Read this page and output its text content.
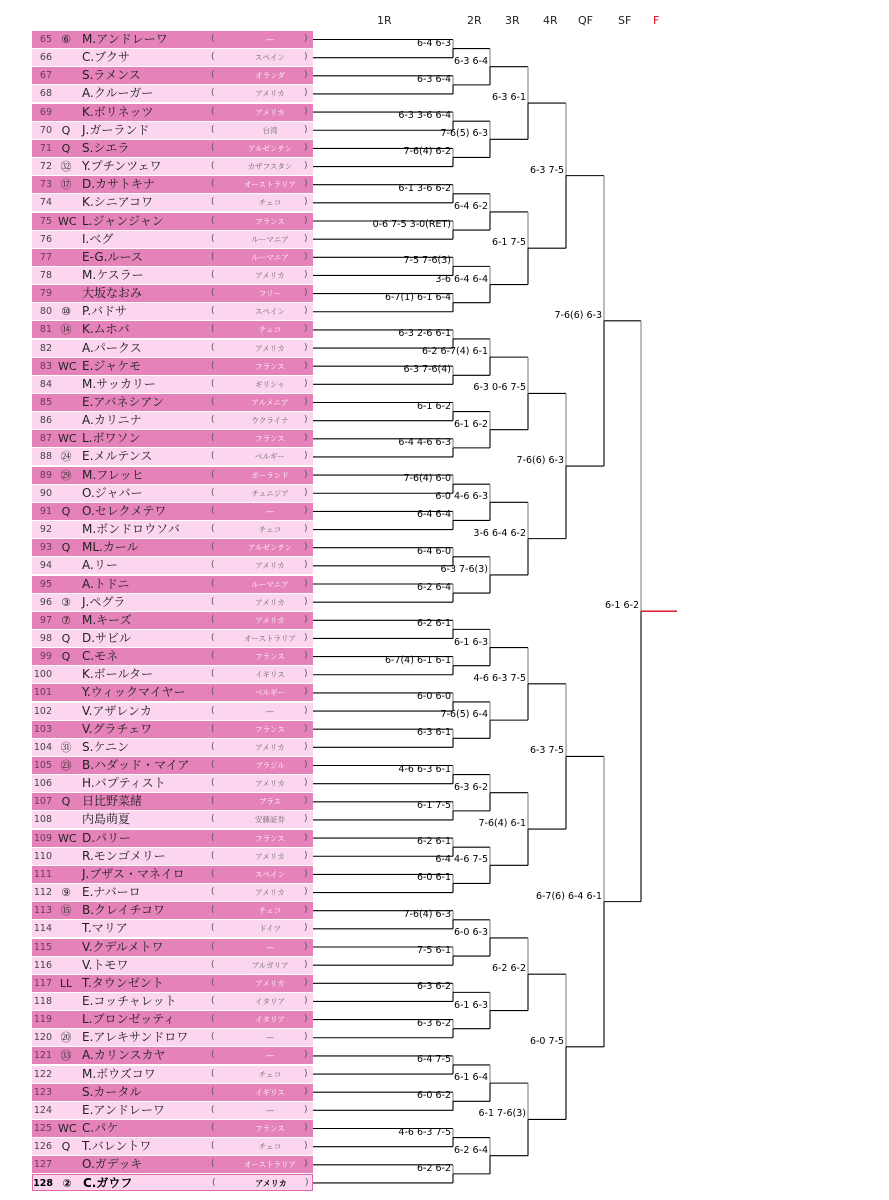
1R	2R 3R 4R QF SF F
65 ⑥ M.アンドレーワ	(	―	)
66	C.ブクサ	(	スペイン	)
67	S.ラメンス	(	オランダ	)
68	A.クルーガー	(	アメリカ	)
69	K.ボリネッツ	(	アメリカ	)
70 Q J.ガーランド	(	台湾	)
71 Q S.シエラ	(	アルゼンチン	)
72 ㉜ Y.プチンツェワ	(	カザフスタン	)
73 ⑰ D.カサトキナ	(	オーストラリア )
74	K.シニアコワ	(	チェコ	)
75 WC L.ジャンジャン	(	フランス	)
76	I.ベグ	(	ルーマニア	)
77	E-G.ルース	(	ルーマニア	)
78	M.ケスラー	(	アメリカ	)
79	大坂なおみ	(	フリー	)
80 ⑩ P.バドサ	(	スペイン	)
81 ⑭ K.ムホバ	(	チェコ	)
82	A.パークス	(	アメリカ	)
83 WC E.ジャケモ	(	フランス	)
84	M.サッカリー	(	ギリシャ	)
85	E.アバネシアン	(	アルメニア	)
86	A.カリニナ	(	ウクライナ	)
87 WC L.ボワソン	(	フランス	)
88 ㉔ E.メルテンス	(	ベルギー	)
89 ㉙ M.フレッヒ	(	ポーランド	)
90	O.ジャバー	(	チュニジア	)
91 Q O.セレクメテワ	(	―	)
92	M.ボンドロウソバ	(	チェコ	)
93 Q ML.カール	(	アルゼンチン	)
94	A.リー	(	アメリカ	)
95	A.トドニ	(	ルーマニア	)
96 ③ J.ペグラ	(	アメリカ	)
97 ⑦ M.キーズ	(	アメリカ	)
98 Q D.サビル	(	オーストラリア )
99 Q C.モネ	(	フランス	)
100	K.ボールター	(	イギリス	)
101	Y.ウィックマイヤー	(	ベルギー	)
102	V.アザレンカ	(	―	)
103	V.グラチェワ	(	フランス	)
104 ㉛ S.ケニン	(	アメリカ	)
105 ㉓ B.ハダッド・マイア (	ブラジル	)
106	H.バプティスト	(	アメリカ	)
107 Q 日比野菜緒	(	ブラス	)
108	内島萌夏	(	安藤証券	)
109 WC D.パリー	(	フランス	)
110	R.モンゴメリー	(	アメリカ	)
111	J.ブザス・マネイロ	(	スペイン	)
112 ⑨ E.ナバーロ	(	アメリカ	)
113 ⑮ B.クレイチコワ	(	チェコ	)
114	T.マリア	(	ドイツ	)
115	V.クデルメトワ	(	―	)
116	V.トモワ	(	ブルガリア	)
117 LL T.タウンゼント	(	アメリカ	)
118	E.コッチャレット	(	イタリア	)
119	L.ブロンゼッティ	(	イタリア	)
120 ⑳ E.アレキサンドロワ	(	―	)
121 ㉝ A.カリンスカヤ	(	―	)
122	M.ボウズコワ	(	チェコ	)
123	S.カータル	(	イギリス	)
124	E.アンドレーワ	(	―	)
125 WC C.パケ	(	フランス	)
126 Q T.バレントワ	(	チェコ	)
127	O.ガデッキ	(	オーストラリア )
128 ② C.ガウフ	(	アメリカ	)
6-4 6-3
6-3 6-4
6-3 3-6 6-4
7-6(4) 6-2
6-1 3-6 6-2
0-6 7-5 3-0(RET)
7-5 7-6(3)
6-7(1) 6-1 6-4
6-3 2-6 6-1
6-3 7-6(4)
6-1 6-2
6-4 4-6 6-3
7-6(4) 6-0
6-4 6-4
6-4 6-0
6-2 6-4
6-2 6-1
6-7(4) 6-1 6-1
6-0 6-0
6-3 6-1
4-6 6-3 6-1
6-1 7-5
6-2 6-1
6-0 6-1
7-6(4) 6-3
7-5 6-1
6-3 6-2
6-3 6-2
6-4 7-5
6-0 6-2
4-6 6-3 7-5
6-2 6-2
6-3 6-4
7-6(5) 6-3
6-4 6-2
3-6 6-4 6-4
6-2 6-7(4) 6-1
6-1 6-2
6-0 4-6 6-3
6-3 7-6(3)
6-1 6-3
7-6(5) 6-4
6-3 6-2
6-4 4-6 7-5
6-0 6-3
6-1 6-3
6-1 6-4
6-2 6-4
6-3 6-1
6-1 7-5
6-3 0-6 7-5
3-6 6-4 6-2
4-6 6-3 7-5
7-6(4) 6-1
6-2 6-2
6-1 7-6(3)
6-3 7-5
7-6(6) 6-3
6-3 7-5
6-0 7-5
7-6(6) 6-3
6-7(6) 6-4 6-1
6-1 6-2
